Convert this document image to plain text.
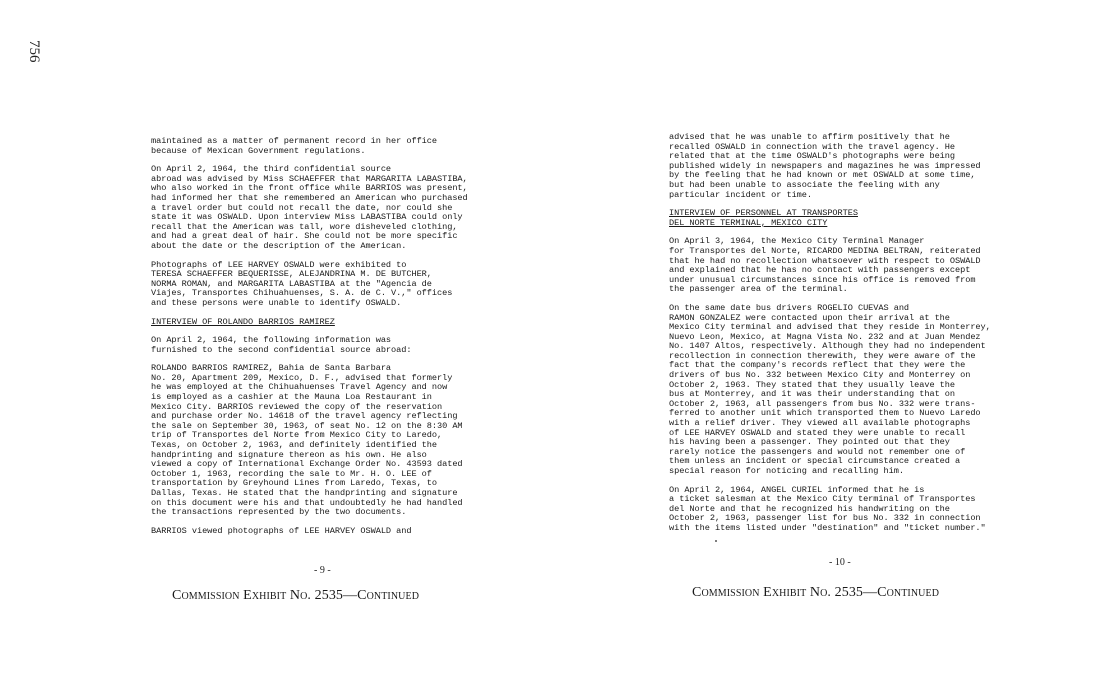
756

maintained as a matter of permanent record in her office
because of Mexican Government regulations.

On April 2, 1964, the third confidential source
abroad was advised by Miss SCHAEFFER that MARGARITA LABASTIBA,
who also worked in the front office while BARRIOS was present,
had informed her that she remembered an American who purchased
a travel order but could not recall the date, nor could she
state it was OSWALD. Upon interview Miss LABASTIBA could only
recall that the American was tall, wore disheveled clothing,
and had a great deal of hair. She could not be more specific
about the date or the description of the American.

Photographs of LEE HARVEY OSWALD were exhibited to
TERESA SCHAEFFER BEQUERISSE, ALEJANDRINA M. DE BUTCHER,
NORMA ROMAN, and MARGARITA LABASTIBA at the "Agencia de
Viajes, Transportes Chihuahuenses, S. A. de C. V.," offices
and these persons were unable to identify OSWALD.

INTERVIEW OF ROLANDO BARRIOS RAMIREZ

On April 2, 1964, the following information was
furnished to the second confidential source abroad:

ROLANDO BARRIOS RAMIREZ, Bahia de Santa Barbara
No. 20, Apartment 209, Mexico, D. F., advised that formerly
he was employed at the Chihuahuenses Travel Agency and now
is employed as a cashier at the Mauna Loa Restaurant in
Mexico City. BARRIOS reviewed the copy of the reservation
and purchase order No. 14618 of the travel agency reflecting
the sale on September 30, 1963, of seat No. 12 on the 8:30 AM
trip of Transportes del Norte from Mexico City to Laredo,
Texas, on October 2, 1963, and definitely identified the
handprinting and signature thereon as his own. He also
viewed a copy of International Exchange Order No. 43593 dated
October 1, 1963, recording the sale to Mr. H. O. LEE of
transportation by Greyhound Lines from Laredo, Texas, to
Dallas, Texas. He stated that the handprinting and signature
on this document were his and that undoubtedly he had handled
the transactions represented by the two documents.

BARRIOS viewed photographs of LEE HARVEY OSWALD and

- 9 -
Commission Exhibit No. 2535—Continued

advised that he was unable to affirm positively that he
recalled OSWALD in connection with the travel agency. He
related that at the time OSWALD's photographs were being
published widely in newspapers and magazines he was impressed
by the feeling that he had known or met OSWALD at some time,
but had been unable to associate the feeling with any
particular incident or time.

INTERVIEW OF PERSONNEL AT TRANSPORTES
DEL NORTE TERMINAL, MEXICO CITY

On April 3, 1964, the Mexico City Terminal Manager
for Transportes del Norte, RICARDO MEDINA BELTRAN, reiterated
that he had no recollection whatsoever with respect to OSWALD
and explained that he has no contact with passengers except
under unusual circumstances since his office is removed from
the passenger area of the terminal.

On the same date bus drivers ROGELIO CUEVAS and
RAMON GONZALEZ were contacted upon their arrival at the
Mexico City terminal and advised that they reside in Monterrey,
Nuevo Leon, Mexico, at Magna Vista No. 232 and at Juan Mendez
No. 1407 Altos, respectively. Although they had no independent
recollection in connection therewith, they were aware of the
fact that the company's records reflect that they were the
drivers of bus No. 332 between Mexico City and Monterrey on
October 2, 1963. They stated that they usually leave the
bus at Monterrey, and it was their understanding that on
October 2, 1963, all passengers from bus No. 332 were trans-
ferred to another unit which transported them to Nuevo Laredo
with a relief driver. They viewed all available photographs
of LEE HARVEY OSWALD and stated they were unable to recall
his having been a passenger. They pointed out that they
rarely notice the passengers and would not remember one of
them unless an incident or special circumstance created a
special reason for noticing and recalling him.

On April 2, 1964, ANGEL CURIEL informed that he is
a ticket salesman at the Mexico City terminal of Transportes
del Norte and that he recognized his handwriting on the
October 2, 1963, passenger list for bus No. 332 in connection
with the items listed under "destination" and "ticket number."

- 10 -
Commission Exhibit No. 2535—Continued
